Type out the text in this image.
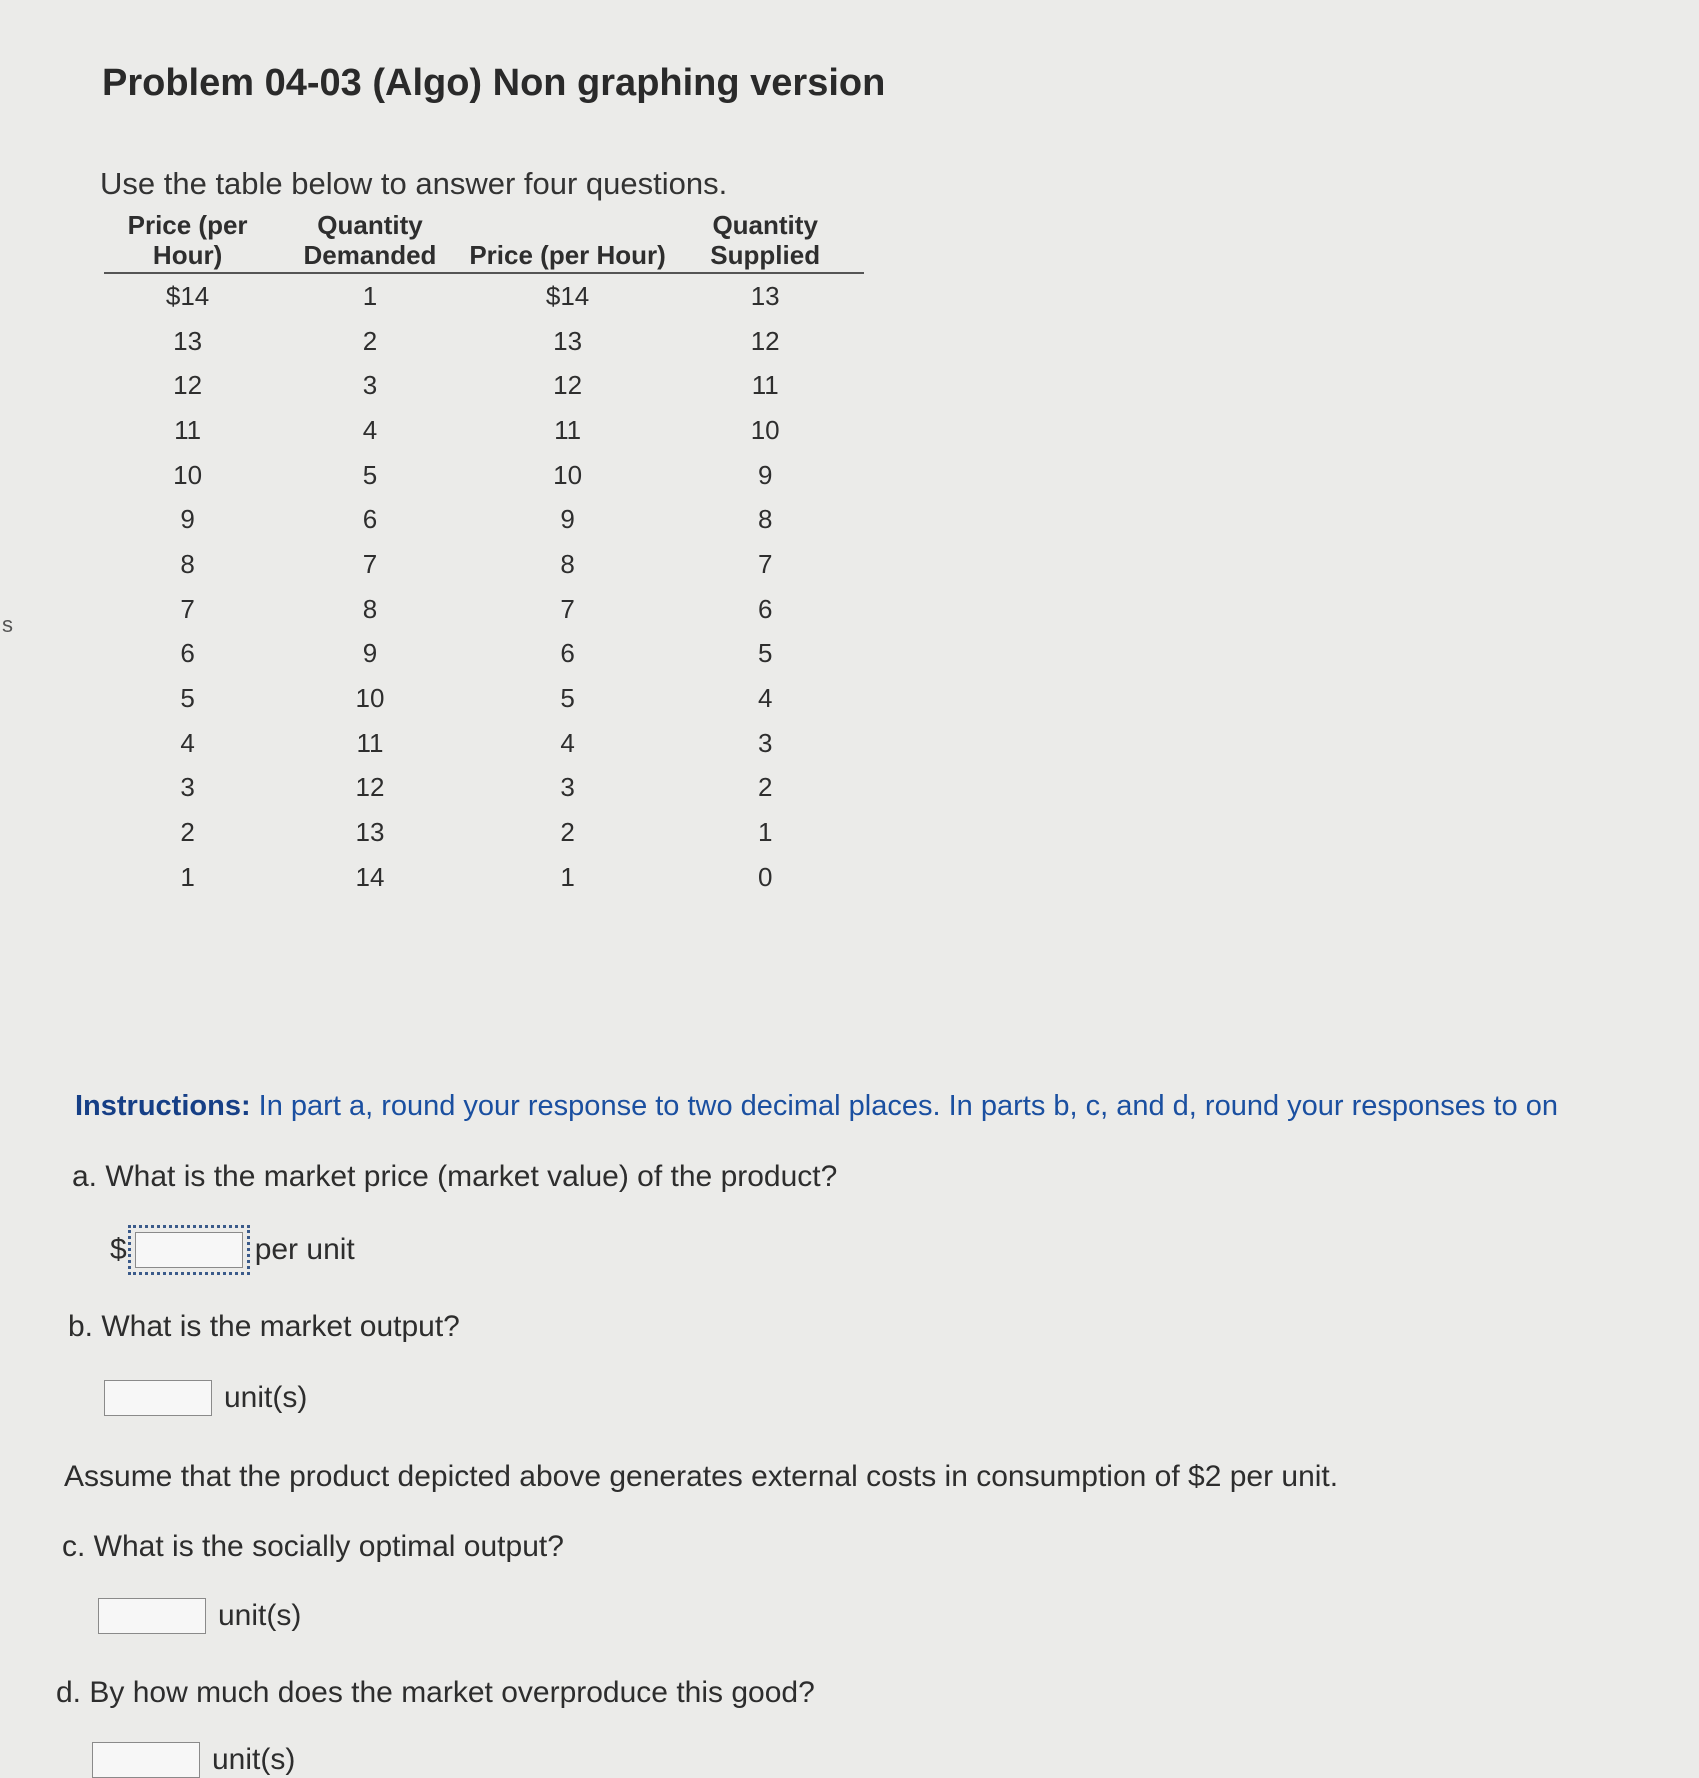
s
Problem 04-03 (Algo) Non graphing version
Use the table below to answer four questions.
Price (per Hour)	Quantity Demanded	Price (per Hour)	Quantity Supplied
$14	1	$14	13
13	2	13	12
12	3	12	11
11	4	11	10
10	5	10	9
9	6	9	8
8	7	8	7
7	8	7	6
6	9	6	5
5	10	5	4
4	11	4	3
3	12	3	2
2	13	2	1
1	14	1	0
Instructions: In part a, round your response to two decimal places. In parts b, c, and d, round your responses to on
a. What is the market price (market value) of the product?
$	per unit
b. What is the market output?
unit(s)
Assume that the product depicted above generates external costs in consumption of $2 per unit.
c. What is the socially optimal output?
unit(s)
d. By how much does the market overproduce this good?
unit(s)
